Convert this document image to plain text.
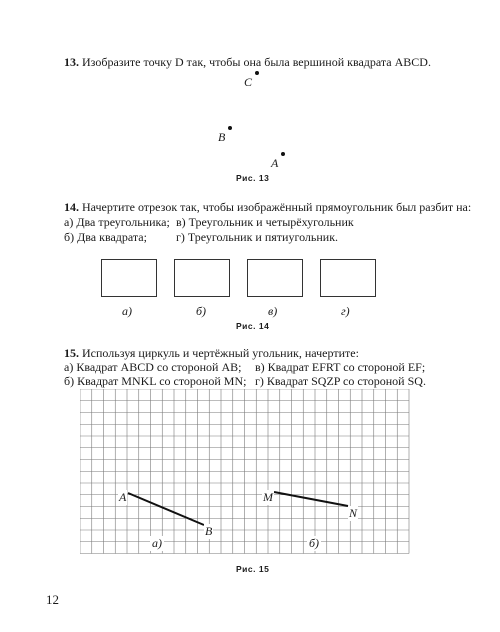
13. Изобразите точку D так, чтобы она была вершиной квадрата ABCD.
C
B
A
Рис. 13
14. Начертите отрезок так, чтобы изображённый прямоугольник был разбит на:
а) Два треугольника; в) Треугольник и четырёхугольник
б) Два квадрата; г) Треугольник и пятиугольник.
а)	б)	в)	г)
Рис. 14
15. Используя циркуль и чертёжный угольник, начертите:
а) Квадрат ABCD со стороной AB; в) Квадрат EFRT со стороной EF;
б) Квадрат MNKL со стороной MN; г) Квадрат SQZP со стороной SQ.
A
B
M
N
а)	б)
Рис. 15
12
